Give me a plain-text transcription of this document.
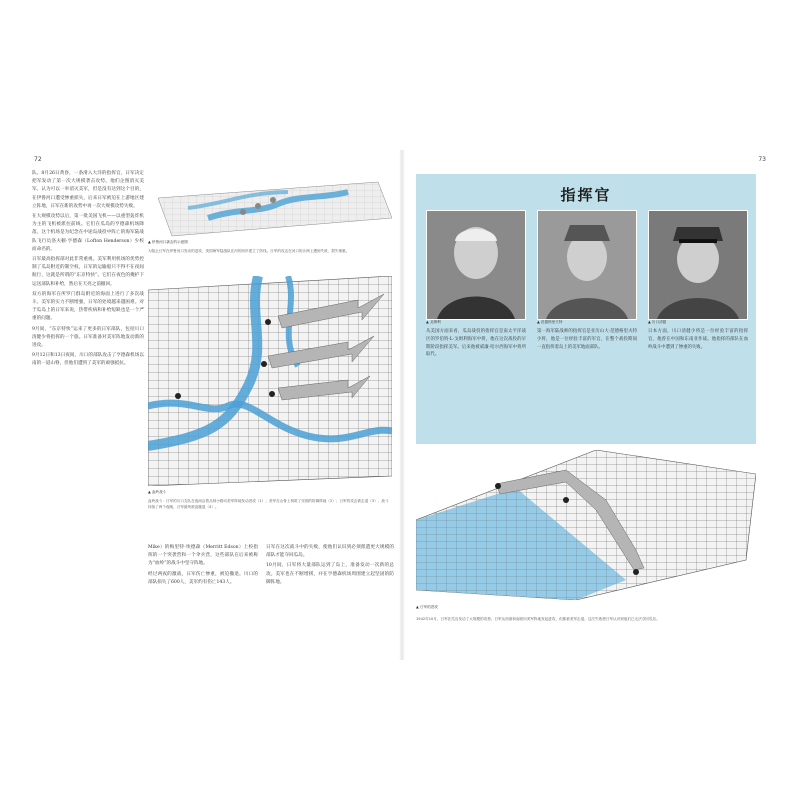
72

队。8月26日黄昏，一条滑入大洋的指挥官，日军决定把军发动了第一次大规模袭击攻势。他们企图消灭美军。认为可以一举消灭美军，但是没有达到这个目的，在伊鲁河口遭受惨重损失，后来日军被迫在上游地区建立阵地，日军在新的攻势中再一次大规模攻势失败。

在大规模攻势以后，第一批美国飞机——以重型轰炸机为主的飞机被派往前线。它们在瓜岛的亨德森机场降落，这个机场是为纪念在中途岛战役中阵亡的海军陆战队飞行员洛夫顿·亨德森（Lofton Henderson）少校而命名的。

日军最高指挥部对此非常重视。美军利用机场的优势控制了瓜岛附近的制空权，日军的运输船只不得不在夜间航行，这就是所谓的“东京特快”。它们在夜色的掩护下运送部队和补给，然后在天亮之前撤回。

双方的海军在所罗门群岛附近的海面上进行了多次战斗。美军的实力不断增强，日军的处境越来越困难。对于瓜岛上的日军来说，热带疾病和补给短缺也是一个严重的问题。

9月间，“东京特快”运来了更多的日军部队，包括川口清健少将指挥的一个旅。日军准备对美军阵地发动新的进攻。

9月12日和13日夜间，川口的部队攻击了亨德森机场以南的一道山脊，但他们遭到了美军的顽强抵抗。

▲ 伊鲁河口袭击的示意图
为阻止日军在伊鲁河口发动的进攻，美国海军陆战队在河的西岸建立了防线。日军的攻击在河口的沙洲上遭到失败，损失惨重。
▲ 血岭战斗
血岭战斗：日军的川口支队在夜间沿着丛林小路向美军阵地发动进攻（1）；美军在山脊上构筑了坚固的防御阵地（2）；日军的攻击被击退（3）；战斗持续了两个夜晚，日军最终被迫撤退（4）。

Mike）的梅里特·埃德森（Merritt Edson）上校指挥的一个突袭营和一个伞兵营，这些部队在后来被称为“血岭”的战斗中坚守阵地。

经过两夜的激战，日军伤亡惨重，被迫撤退。川口的部队损失了600人，美军约有伤亡143人。

日军在这次战斗中的失败，使他们认识到必须派遣更大规模的部队才能夺回瓜岛。

10月间，日军将大量部队运到了岛上，准备发动一次新的总攻。美军也在不断增援，并在亨德森机场周围建立起坚固的防御阵地。

73
指挥官
▲ 戈姆利	▲ 范德格里夫特	▲ 川口清健
从美国方面来看，瓜岛战役的指挥官是南太平洋战区的罗伯特·L·戈姆利海军中将，他在这次战役的早期阶段指挥美军。后来他被威廉·哈尔西海军中将所取代。
第一海军陆战师的指挥官是亚历山大·范德格里夫特少将，他是一位经验丰富的军官，在整个战役期间一直指挥着岛上的美军地面部队。
日本方面，川口清健少将是一位经验丰富的指挥官，他曾在中国和东南亚作战。他指挥的部队在血岭战斗中遭到了惨重的失败。
▲ 日军的进攻
1942年10月，日军在瓜岛发动了大规模的攻势。日军从西面和南面向美军阵地发起进攻，但都被美军击退。这次失败使日军认识到他们已无法夺回瓜岛。
